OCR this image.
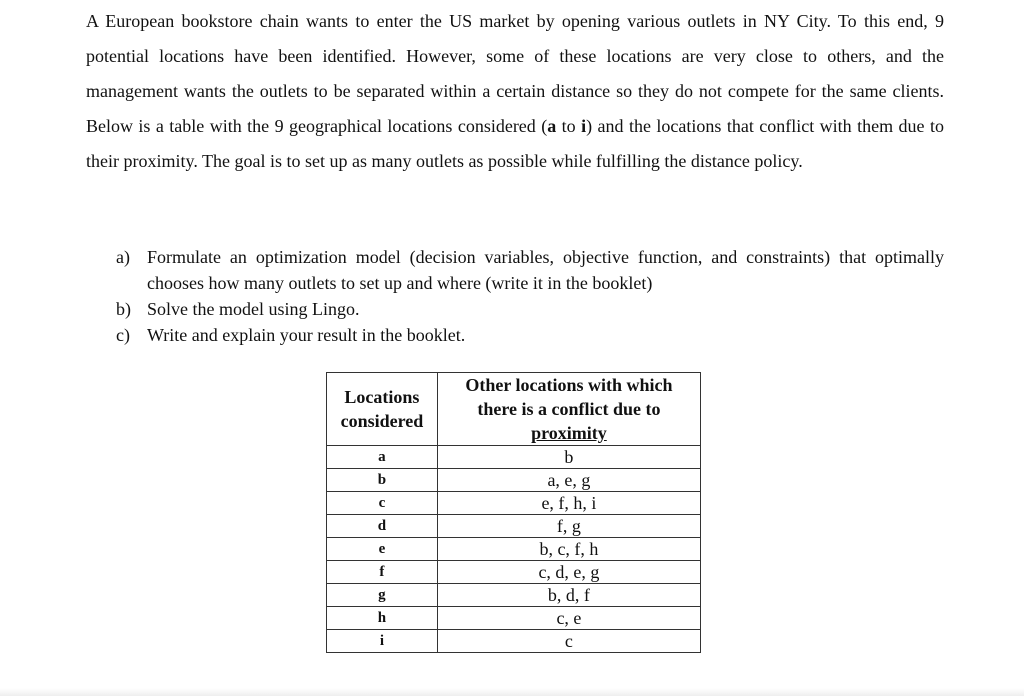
A European bookstore chain wants to enter the US market by opening various outlets in NY City. To this end, 9 potential locations have been identified. However, some of these locations are very close to others, and the management wants the outlets to be separated within a certain distance so they do not compete for the same clients. Below is a table with the 9 geographical locations considered (a to i) and the locations that conflict with them due to their proximity. The goal is to set up as many outlets as possible while fulfilling the distance policy.

a) Formulate an optimization model (decision variables, objective function, and constraints) that optimally chooses how many outlets to set up and where (write it in the booklet)
b) Solve the model using Lingo.
c) Write and explain your result in the booklet.
Locations
considered	Other locations with which
there is a conflict due to
proximity
a	b
b	a, e, g
c	e, f, h, i
d	f, g
e	b, c, f, h
f	c, d, e, g
g	b, d, f
h	c, e
i	c
